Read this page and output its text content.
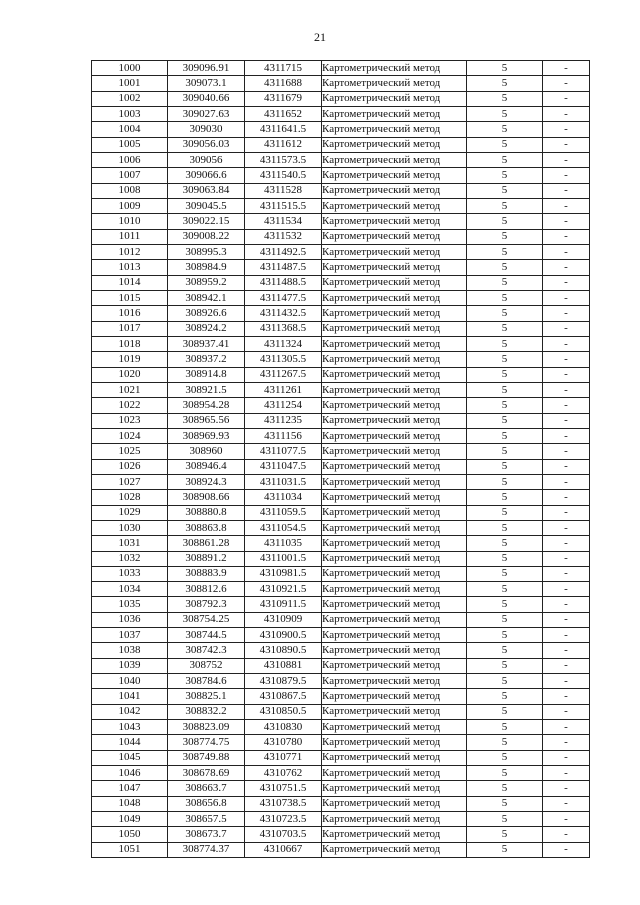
21
1000	309096.91	4311715	Картометрический метод	5	-
1001	309073.1	4311688	Картометрический метод	5	-
1002	309040.66	4311679	Картометрический метод	5	-
1003	309027.63	4311652	Картометрический метод	5	-
1004	309030	4311641.5	Картометрический метод	5	-
1005	309056.03	4311612	Картометрический метод	5	-
1006	309056	4311573.5	Картометрический метод	5	-
1007	309066.6	4311540.5	Картометрический метод	5	-
1008	309063.84	4311528	Картометрический метод	5	-
1009	309045.5	4311515.5	Картометрический метод	5	-
1010	309022.15	4311534	Картометрический метод	5	-
1011	309008.22	4311532	Картометрический метод	5	-
1012	308995.3	4311492.5	Картометрический метод	5	-
1013	308984.9	4311487.5	Картометрический метод	5	-
1014	308959.2	4311488.5	Картометрический метод	5	-
1015	308942.1	4311477.5	Картометрический метод	5	-
1016	308926.6	4311432.5	Картометрический метод	5	-
1017	308924.2	4311368.5	Картометрический метод	5	-
1018	308937.41	4311324	Картометрический метод	5	-
1019	308937.2	4311305.5	Картометрический метод	5	-
1020	308914.8	4311267.5	Картометрический метод	5	-
1021	308921.5	4311261	Картометрический метод	5	-
1022	308954.28	4311254	Картометрический метод	5	-
1023	308965.56	4311235	Картометрический метод	5	-
1024	308969.93	4311156	Картометрический метод	5	-
1025	308960	4311077.5	Картометрический метод	5	-
1026	308946.4	4311047.5	Картометрический метод	5	-
1027	308924.3	4311031.5	Картометрический метод	5	-
1028	308908.66	4311034	Картометрический метод	5	-
1029	308880.8	4311059.5	Картометрический метод	5	-
1030	308863.8	4311054.5	Картометрический метод	5	-
1031	308861.28	4311035	Картометрический метод	5	-
1032	308891.2	4311001.5	Картометрический метод	5	-
1033	308883.9	4310981.5	Картометрический метод	5	-
1034	308812.6	4310921.5	Картометрический метод	5	-
1035	308792.3	4310911.5	Картометрический метод	5	-
1036	308754.25	4310909	Картометрический метод	5	-
1037	308744.5	4310900.5	Картометрический метод	5	-
1038	308742.3	4310890.5	Картометрический метод	5	-
1039	308752	4310881	Картометрический метод	5	-
1040	308784.6	4310879.5	Картометрический метод	5	-
1041	308825.1	4310867.5	Картометрический метод	5	-
1042	308832.2	4310850.5	Картометрический метод	5	-
1043	308823.09	4310830	Картометрический метод	5	-
1044	308774.75	4310780	Картометрический метод	5	-
1045	308749.88	4310771	Картометрический метод	5	-
1046	308678.69	4310762	Картометрический метод	5	-
1047	308663.7	4310751.5	Картометрический метод	5	-
1048	308656.8	4310738.5	Картометрический метод	5	-
1049	308657.5	4310723.5	Картометрический метод	5	-
1050	308673.7	4310703.5	Картометрический метод	5	-
1051	308774.37	4310667	Картометрический метод	5	-
